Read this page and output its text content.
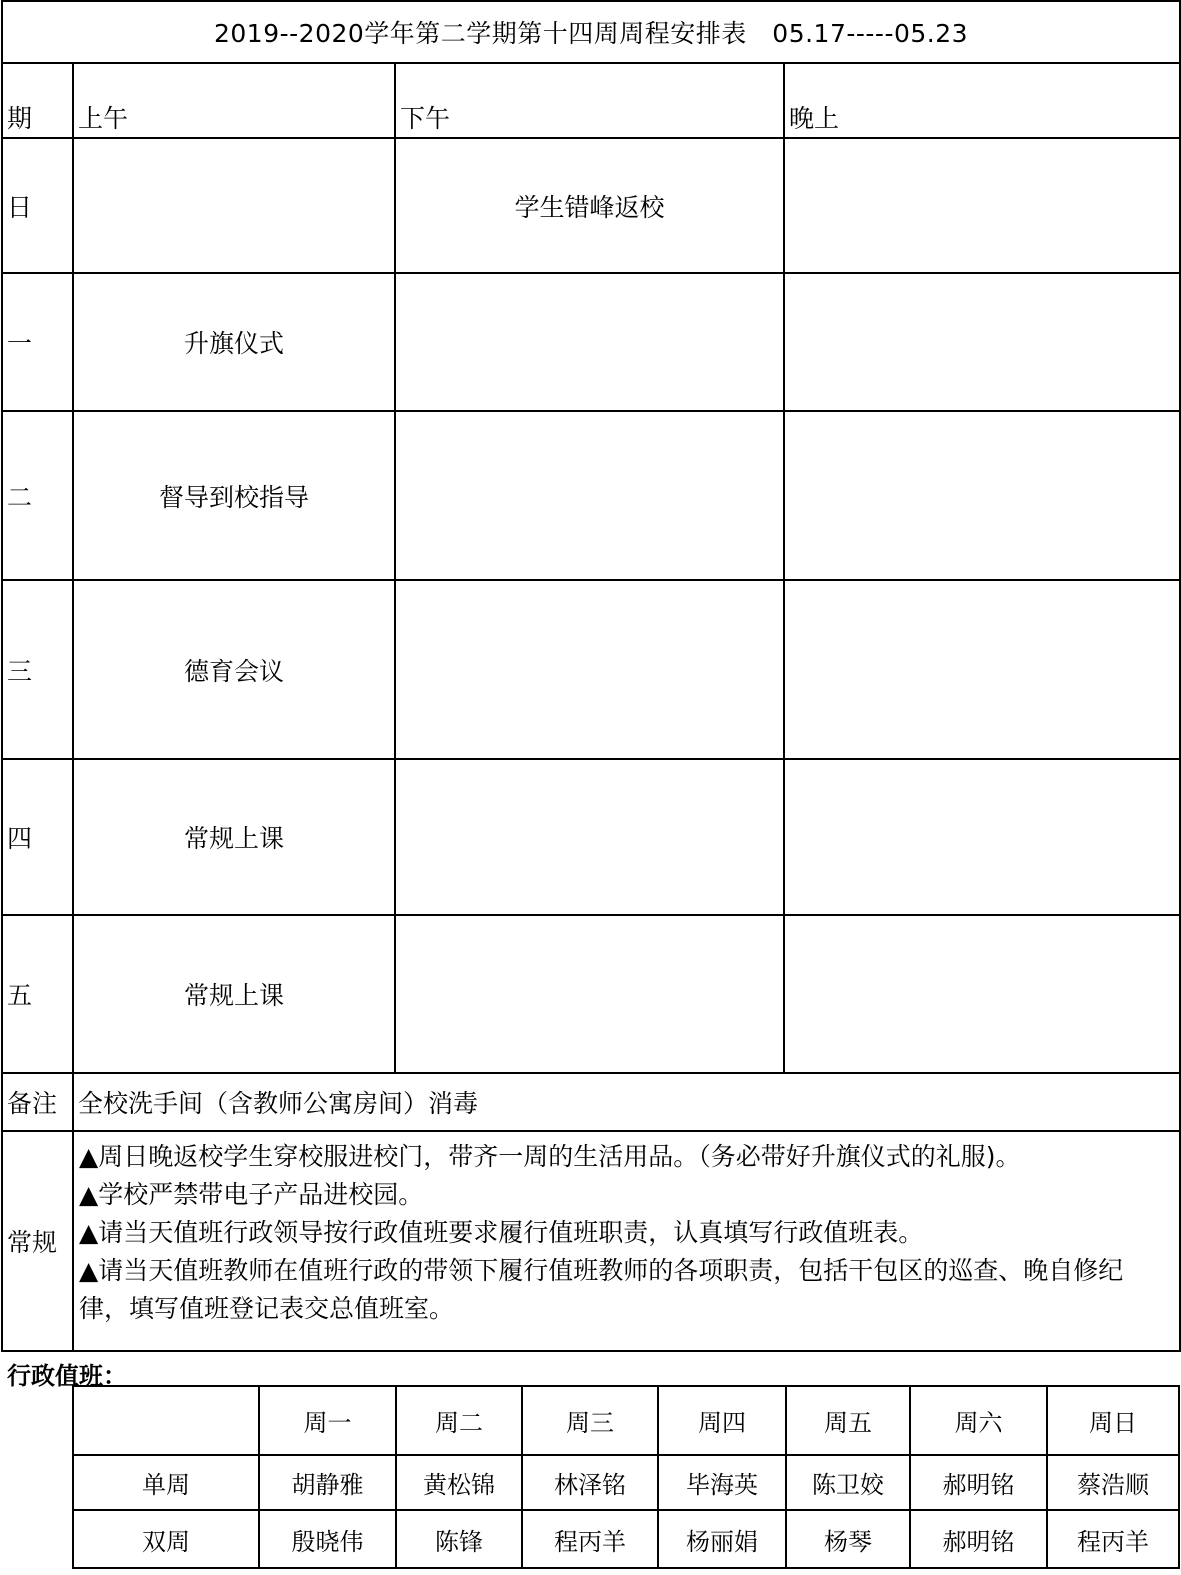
2019--2020学年第二学期第十四周周程安排表　05.17-----05.23			
期	上午	下午	晚上
日		学生错峰返校	
一	升旗仪式		
二	督导到校指导		
三	德育会议		
四	常规上课		
五	常规上课		
备注	全校洗手间（含教师公寓房间）消毒		
常规	▲周日晚返校学生穿校服进校门，带齐一周的生活用品。（务必带好升旗仪式的礼服)。
▲学校严禁带电子产品进校园。
▲请当天值班行政领导按行政值班要求履行值班职责，认真填写行政值班表。
▲请当天值班教师在值班行政的带领下履行值班教师的各项职责，包括干包区的巡查、晚自修纪律，填写值班登记表交总值班室。		
行政值班：
	周一	周二	周三	周四	周五	周六	周日
单周	胡静雅	黄松锦	林泽铭	毕海英	陈卫姣	郝明铭	蔡浩顺
双周	殷晓伟	陈锋	程丙羊	杨丽娟	杨琴	郝明铭	程丙羊
